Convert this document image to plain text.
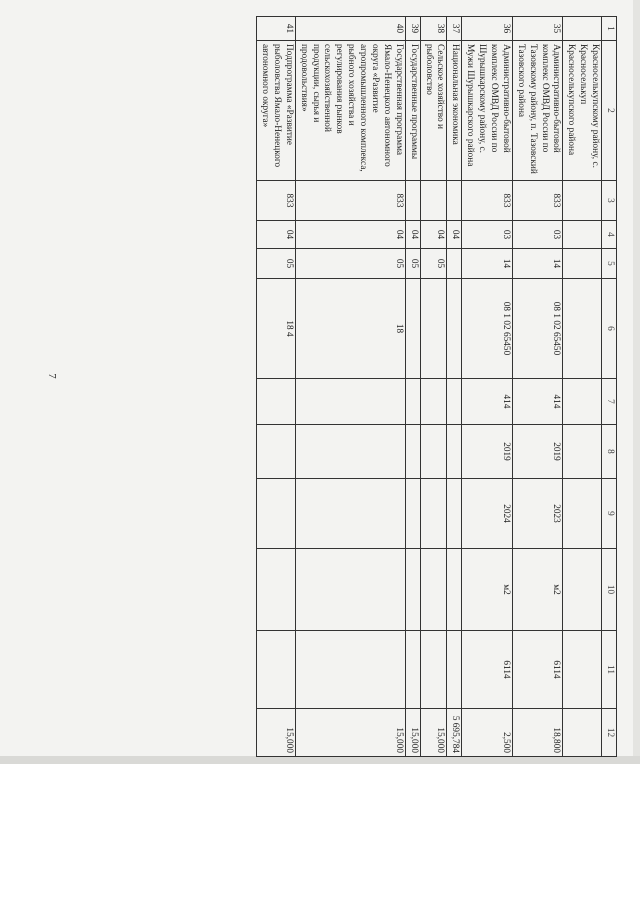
7
1	2	3	4	5	6	7	8	9	10	11	12
	Красноселькупскому району, с. Красноселькуп Красноселькупского района										
35	Административно-бытовой комплекс ОМВД России по Тазовскому району, п. Тазовский Тазовского района	833	03	14	08 1 02 65450	414	2019	2023	м2	6114	18,800
36	Административно-бытовой комплекс ОМВД России по Шурышкарскому району, с. Мужи Шурышкарского района	833	03	14	08 1 02 65450	414	2019	2024	м2	6114	2,500
37	Национальная экономика		04								5 695,784
38	Сельское хозяйство и рыболовство		04	05							15,000
39	Государственные программы		04	05							15,000
40	Государственная программа Ямало-Ненецкого автономного округа «Развитие агропромышленного комплекса, рыбного хозяйства и регулирования рынков сельскохозяйственной продукции, сырья и продовольствия»	833	04	05	18						15,000
41	Подпрограмма «Развитие рыболовства Ямало-Ненецкого автономного округа»	833	04	05	18 4						15,000
